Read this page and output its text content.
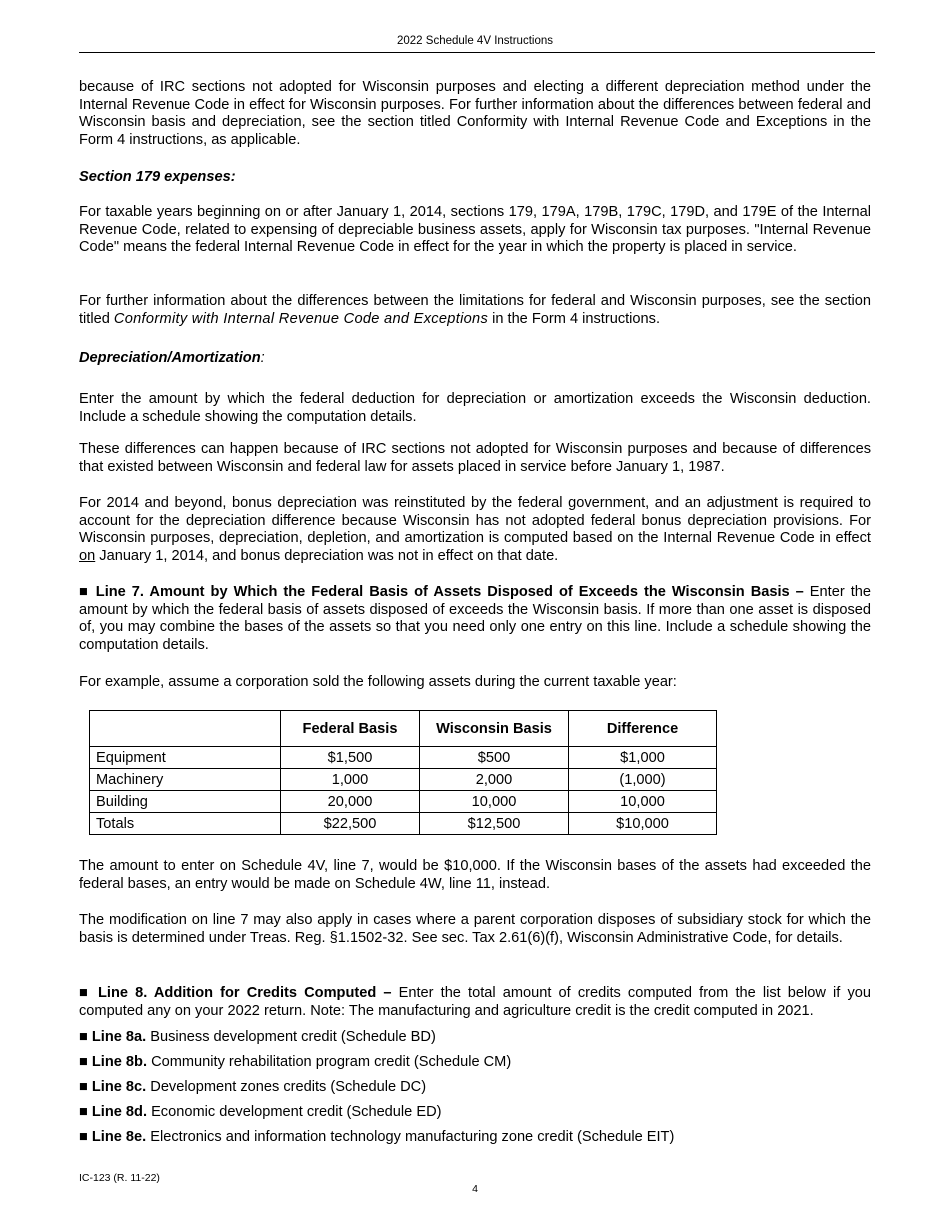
2022 Schedule 4V Instructions

because of IRC sections not adopted for Wisconsin purposes and electing a different depreciation method under the Internal Revenue Code in effect for Wisconsin purposes. For further information about the differences between federal and Wisconsin basis and depreciation, see the section titled Conformity with Internal Revenue Code and Exceptions in the Form 4 instructions, as applicable.

Section 179 expenses:

For taxable years beginning on or after January 1, 2014, sections 179, 179A, 179B, 179C, 179D, and 179E of the Internal Revenue Code, related to expensing of depreciable business assets, apply for Wisconsin tax purposes. "Internal Revenue Code" means the federal Internal Revenue Code in effect for the year in which the property is placed in service.

For further information about the differences between the limitations for federal and Wisconsin purposes, see the section titled Conformity with Internal Revenue Code and Exceptions in the Form 4 instructions.

Depreciation/Amortization:

Enter the amount by which the federal deduction for depreciation or amortization exceeds the Wisconsin deduction. Include a schedule showing the computation details.

These differences can happen because of IRC sections not adopted for Wisconsin purposes and because of differences that existed between Wisconsin and federal law for assets placed in service before January 1, 1987.

For 2014 and beyond, bonus depreciation was reinstituted by the federal government, and an adjustment is required to account for the depreciation difference because Wisconsin has not adopted federal bonus depreciation provisions. For Wisconsin purposes, depreciation, depletion, and amortization is computed based on the Internal Revenue Code in effect on January 1, 2014, and bonus depreciation was not in effect on that date.

■ Line 7. Amount by Which the Federal Basis of Assets Disposed of Exceeds the Wisconsin Basis – Enter the amount by which the federal basis of assets disposed of exceeds the Wisconsin basis. If more than one asset is disposed of, you may combine the bases of the assets so that you need only one entry on this line. Include a schedule showing the computation details.

For example, assume a corporation sold the following assets during the current taxable year:

	Federal Basis	Wisconsin Basis	Difference
Equipment	$1,500	$500	$1,000
Machinery	1,000	2,000	(1,000)
Building	20,000	10,000	10,000
Totals	$22,500	$12,500	$10,000

The amount to enter on Schedule 4V, line 7, would be $10,000. If the Wisconsin bases of the assets had exceeded the federal bases, an entry would be made on Schedule 4W, line 11, instead.

The modification on line 7 may also apply in cases where a parent corporation disposes of subsidiary stock for which the basis is determined under Treas. Reg. §1.1502-32. See sec. Tax 2.61(6)(f), Wisconsin Administrative Code, for details.

■ Line 8. Addition for Credits Computed – Enter the total amount of credits computed from the list below if you computed any on your 2022 return. Note: The manufacturing and agriculture credit is the credit computed in 2021.

■ Line 8a. Business development credit (Schedule BD)

■ Line 8b. Community rehabilitation program credit (Schedule CM)

■ Line 8c. Development zones credits (Schedule DC)

■ Line 8d. Economic development credit (Schedule ED)

■ Line 8e. Electronics and information technology manufacturing zone credit (Schedule EIT)

IC-123 (R. 11-22)
4
